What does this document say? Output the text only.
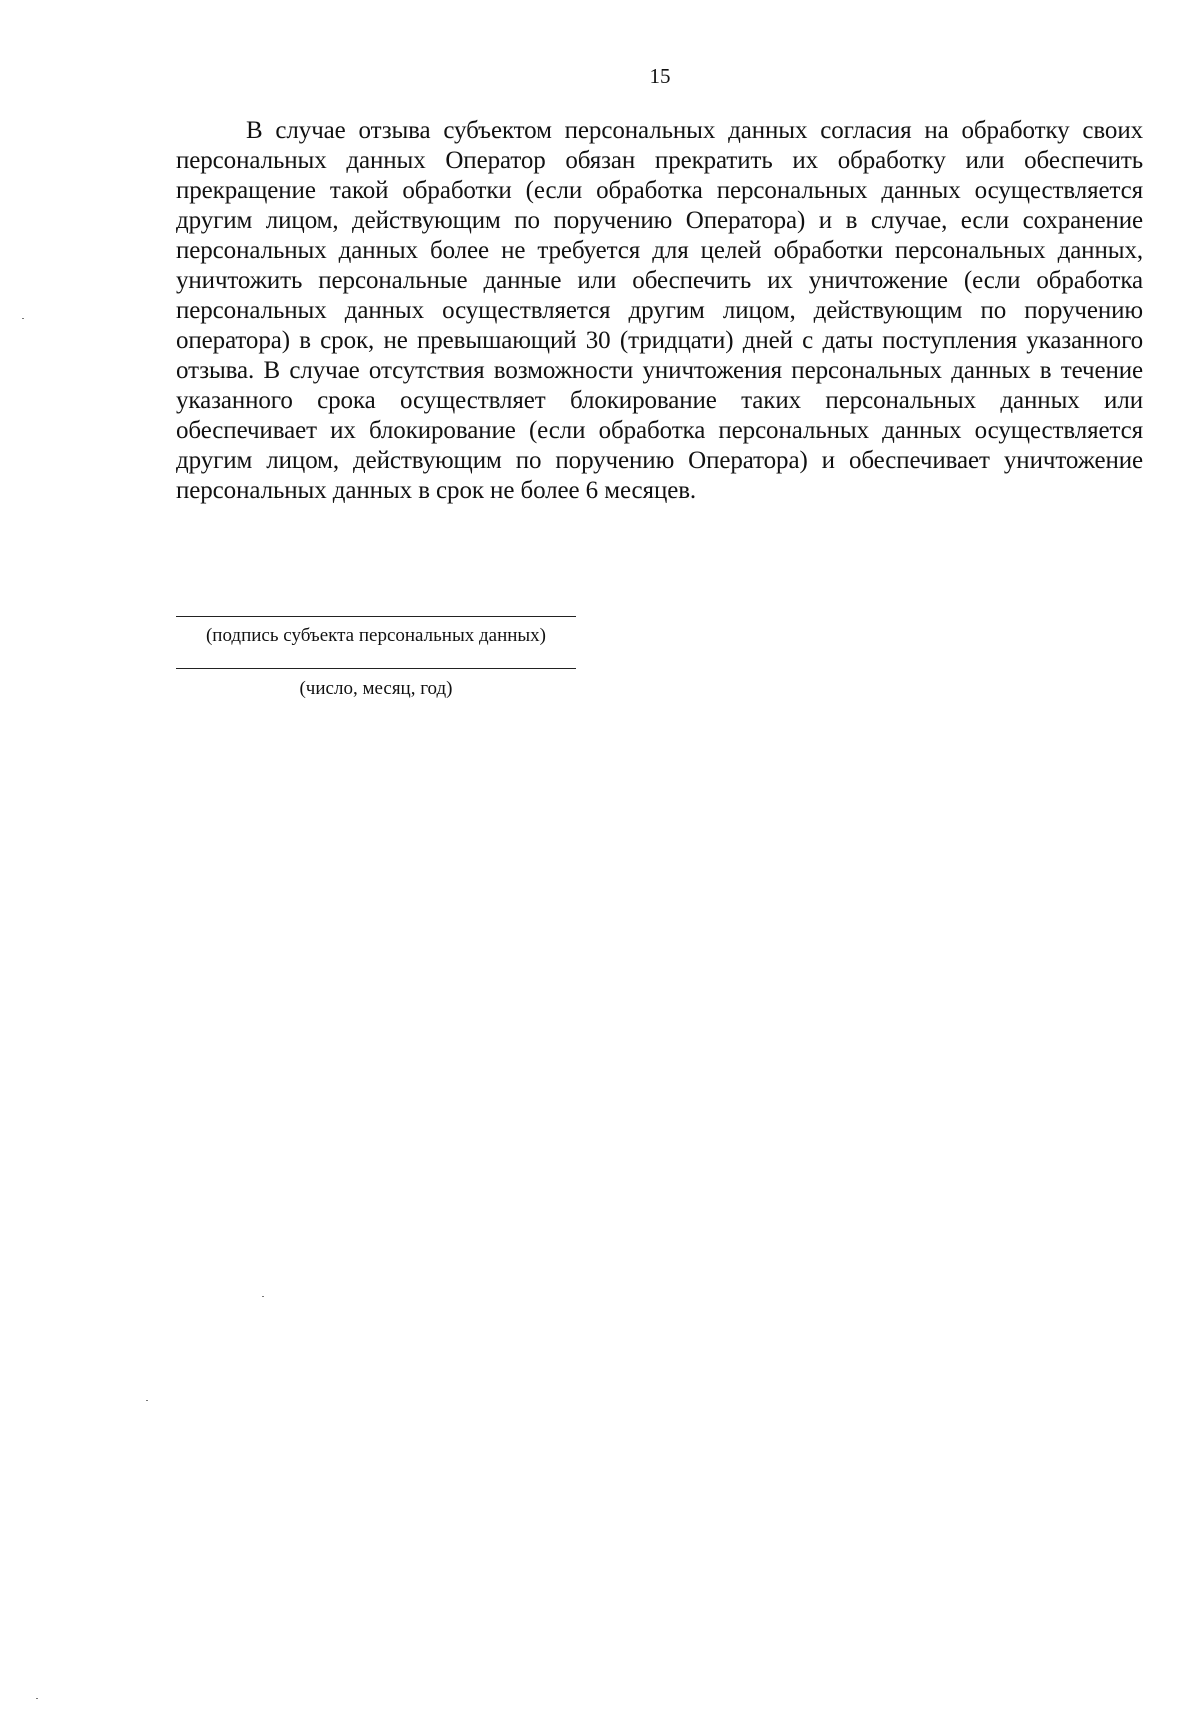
15

В случае отзыва субъектом персональных данных согласия на обработку своих персональных данных Оператор обязан прекратить их обработку или обеспечить прекращение такой обработки (если обработка персональных данных осуществляется другим лицом, действующим по поручению Оператора) и в случае, если сохранение персональных данных более не требуется для целей обработки персональных данных, уничтожить персональные данные или обеспечить их уничтожение (если обработка персональных данных осуществляется другим лицом, действующим по поручению оператора) в срок, не превышающий 30 (тридцати) дней с даты поступления указанного отзыва. В случае отсутствия возможности уничтожения персональных данных в течение указанного срока осуществляет блокирование таких персональных данных или обеспечивает их блокирование (если обработка персональных данных осуществляется другим лицом, действующим по поручению Оператора) и обеспечивает уничтожение персональных данных в срок не более 6 месяцев.

(подпись субъекта персональных данных)
(число, месяц, год)
